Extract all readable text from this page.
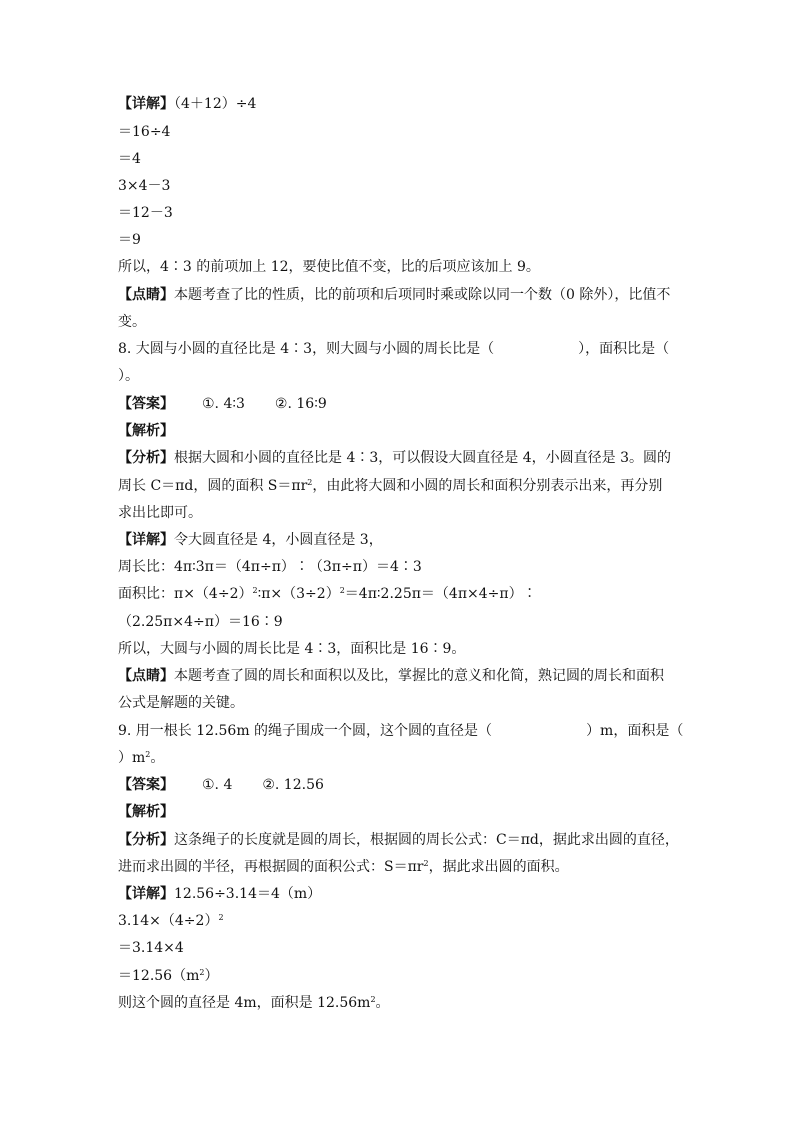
【详解】（4＋12）÷4
＝16÷4
＝4
3×4－3
＝12－3
＝9
所以，4∶3 的前项加上 12，要使比值不变，比的后项应该加上 9。
【点睛】本题考查了比的性质，比的前项和后项同时乘或除以同一个数（0 除外），比值不
变。
8. 大圆与小圆的直径比是 4∶3，则大圆与小圆的周长比是（	），面积比是（
）。
【答案】 ①. 4∶3 ②. 16∶9
【解析】
【分析】根据大圆和小圆的直径比是 4∶3，可以假设大圆直径是 4，小圆直径是 3。圆的
周长 C＝πd，圆的面积 $S=\pi r^2$，由此将大圆和小圆的周长和面积分别表示出来，再分别
求出比即可。
【详解】令大圆直径是 4，小圆直径是 3，
周长比：4π∶3π＝（4π÷π）∶（3π÷π）＝4∶3
面积比：$\pi\times(4\div 2)^2∶\pi\times(3\div 2)^2=4\pi∶2.25\pi=(4\pi\times 4\div\pi)∶$
（2.25π×4÷π）＝16∶9
所以，大圆与小圆的周长比是 4∶3，面积比是 16∶9。
【点睛】本题考查了圆的周长和面积以及比，掌握比的意义和化简，熟记圆的周长和面积
公式是解题的关键。
9. 用一根长 12.56m 的绳子围成一个圆，这个圆的直径是（	）m，面积是（
）$m^2$。
【答案】 ①. 4 ②. 12.56
【解析】
【分析】这条绳子的长度就是圆的周长，根据圆的周长公式：C＝πd，据此求出圆的直径，
进而求出圆的半径，再根据圆的面积公式：$S=\pi r^2$，据此求出圆的面积。
【详解】12.56÷3.14＝4（m）
$3.14\times(4\div 2)^2$
＝3.14×4
$=12.56(m^2)$
则这个圆的直径是 4m，面积是 $12.56m^2$。
